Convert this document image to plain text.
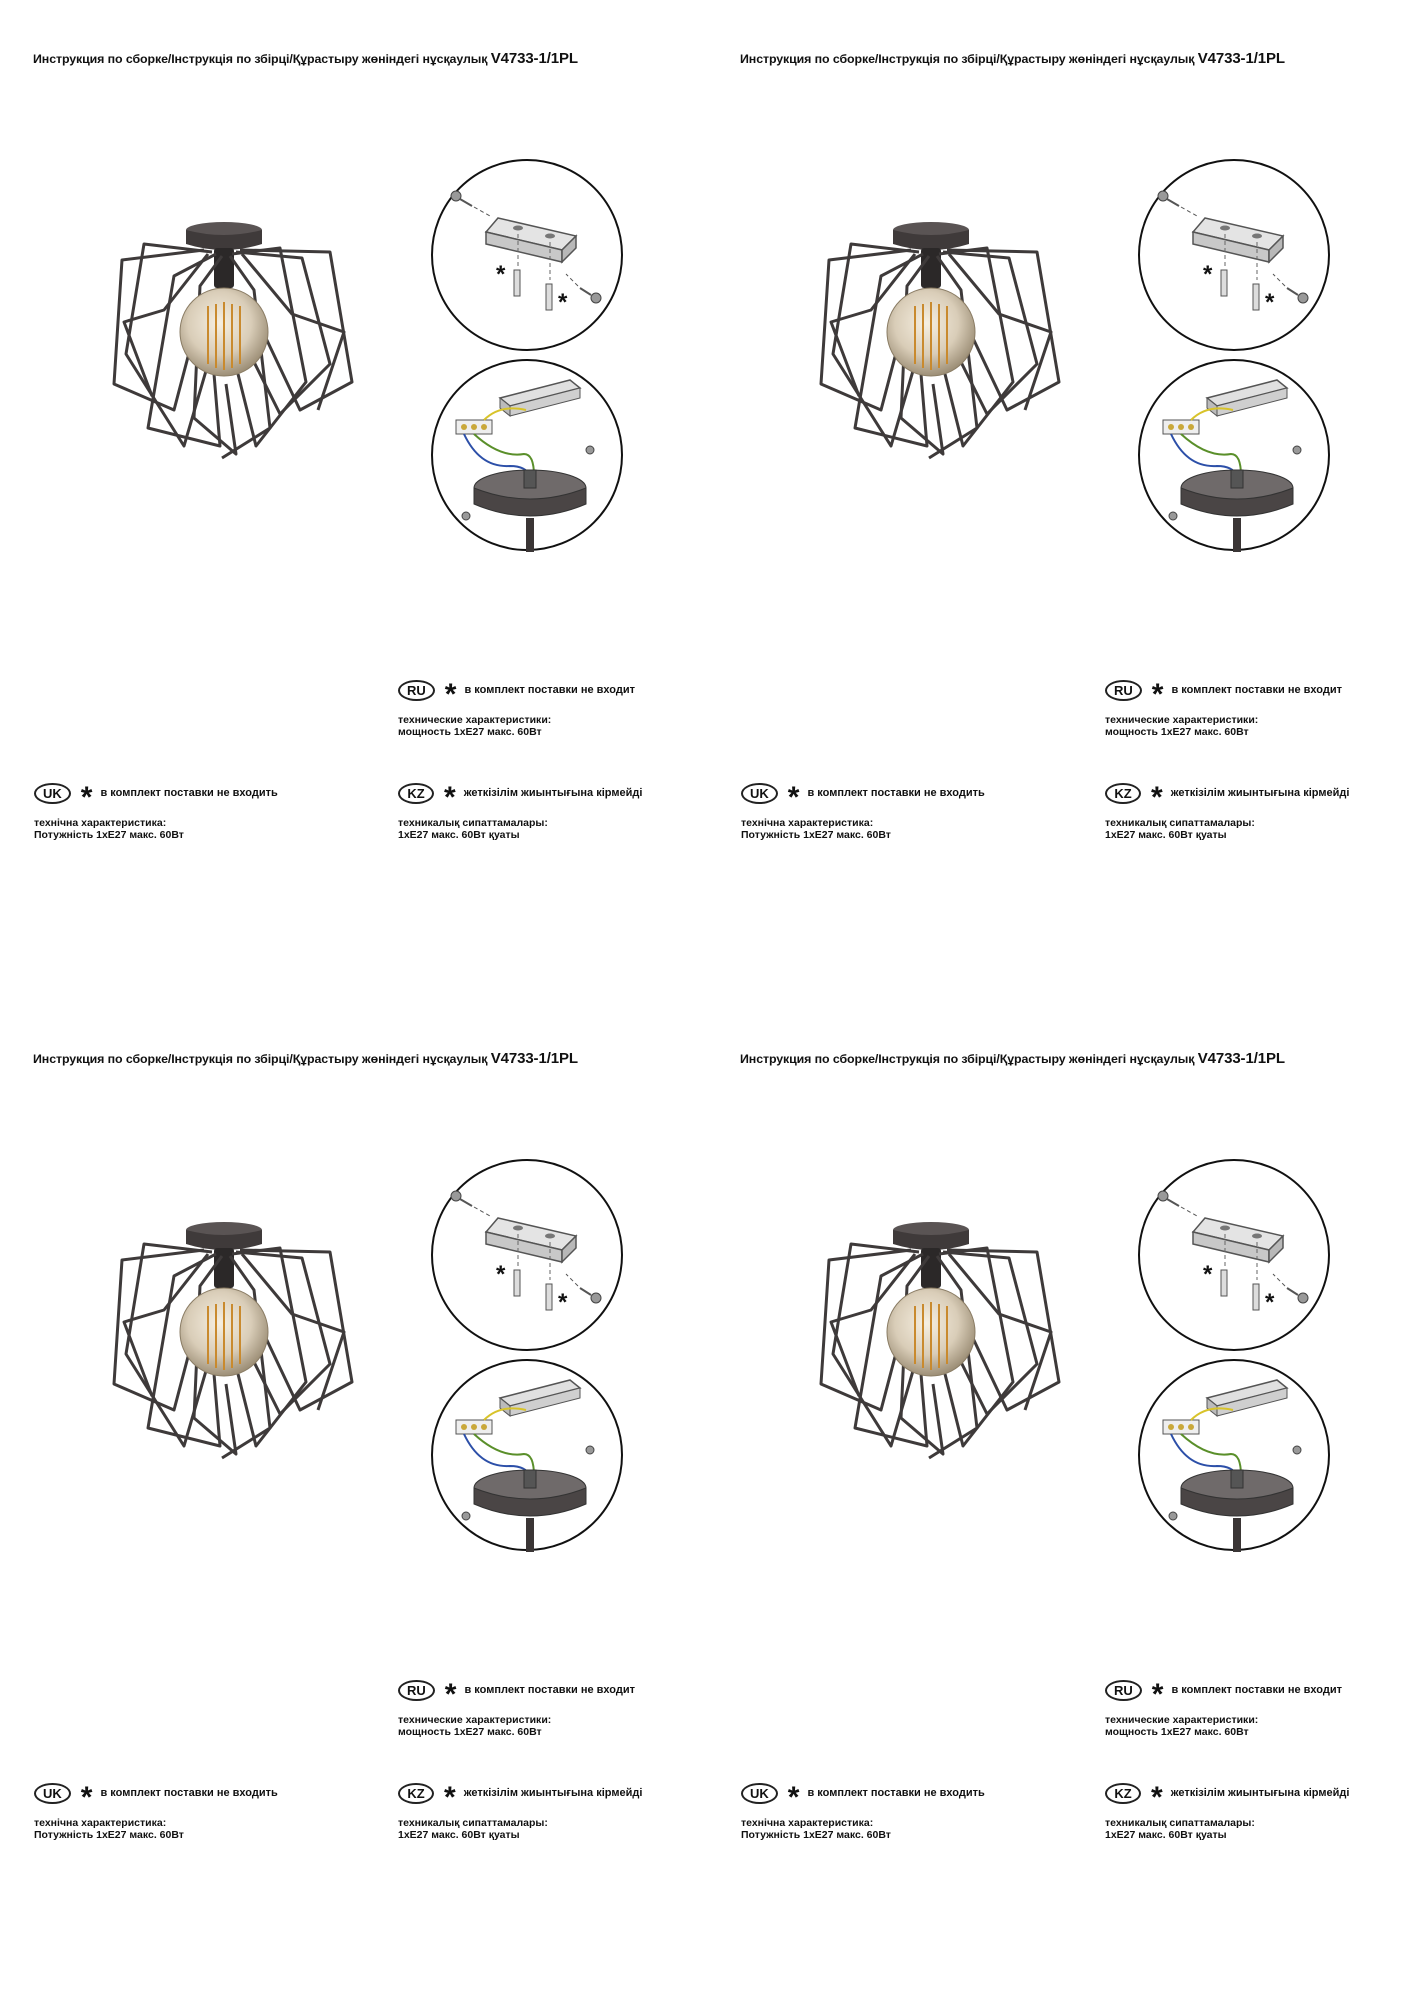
Инструкция по сборке/Інструкція по збірці/Құрастыру жөніндегі нұсқаулық V4733-1/1PL
*
*
RU * в комплект поставки не входит
технические характеристики:
мощность 1хЕ27 макс. 60Вт
UK * в комплект поставки не входить
технічна характеристика:
Потужність 1хЕ27 макс. 60Вт
KZ * жеткізілім жиынтығына кірмейді
техникалық сипаттамалары:
1хЕ27 макс. 60Вт қуаты
Инструкция по сборке/Інструкція по збірці/Құрастыру жөніндегі нұсқаулық V4733-1/1PL
*
*
RU * в комплект поставки не входит
технические характеристики:
мощность 1хЕ27 макс. 60Вт
UK * в комплект поставки не входить
технічна характеристика:
Потужність 1хЕ27 макс. 60Вт
KZ * жеткізілім жиынтығына кірмейді
техникалық сипаттамалары:
1хЕ27 макс. 60Вт қуаты
Инструкция по сборке/Інструкція по збірці/Құрастыру жөніндегі нұсқаулық V4733-1/1PL
*
*
RU * в комплект поставки не входит
технические характеристики:
мощность 1хЕ27 макс. 60Вт
UK * в комплект поставки не входить
технічна характеристика:
Потужність 1хЕ27 макс. 60Вт
KZ * жеткізілім жиынтығына кірмейді
техникалық сипаттамалары:
1хЕ27 макс. 60Вт қуаты
Инструкция по сборке/Інструкція по збірці/Құрастыру жөніндегі нұсқаулық V4733-1/1PL
*
*
RU * в комплект поставки не входит
технические характеристики:
мощность 1хЕ27 макс. 60Вт
UK * в комплект поставки не входить
технічна характеристика:
Потужність 1хЕ27 макс. 60Вт
KZ * жеткізілім жиынтығына кірмейді
техникалық сипаттамалары:
1хЕ27 макс. 60Вт қуаты
